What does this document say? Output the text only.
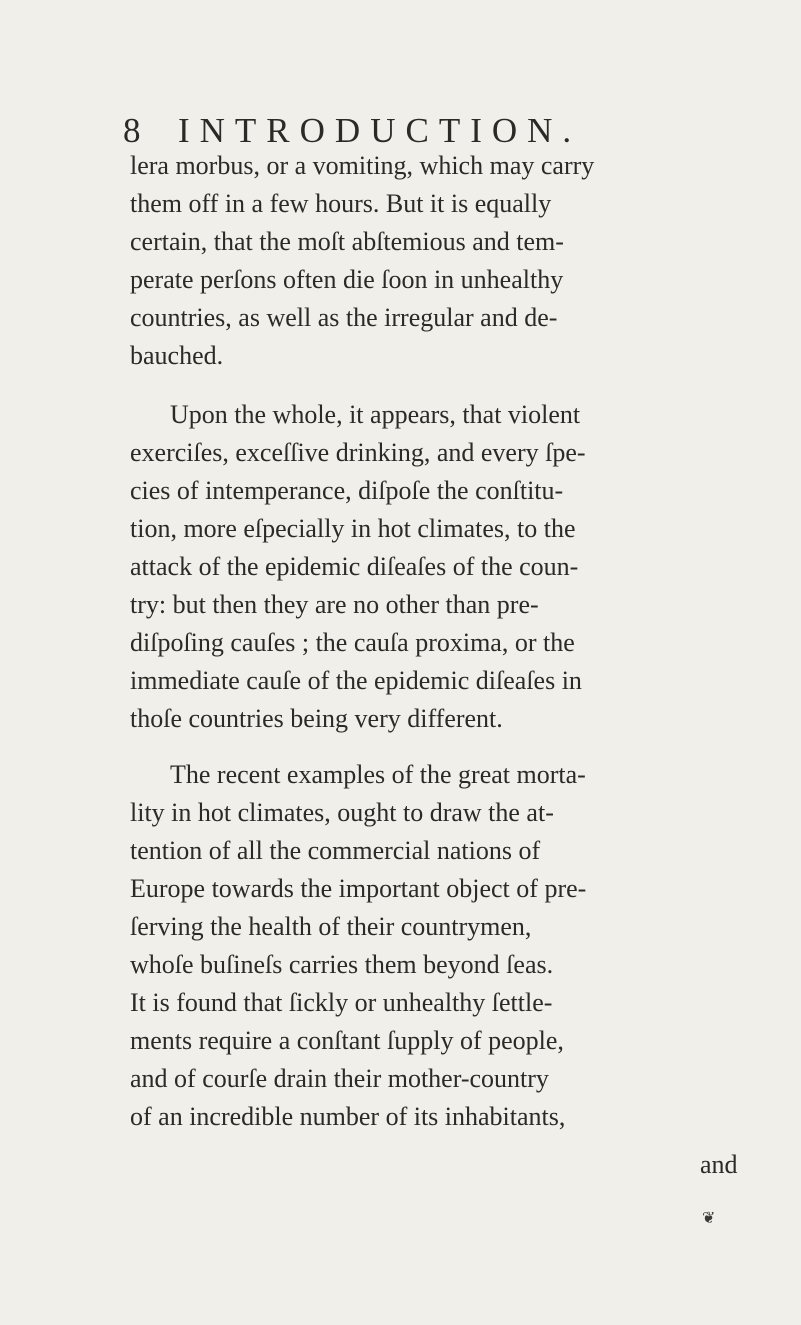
8 INTRODUCTION.
lera morbus, or a vomiting, which may carry
them off in a few hours. But it is equally
certain, that the moſt abſtemious and tem-
perate perſons often die ſoon in unhealthy
countries, as well as the irregular and de-
bauched.
Upon the whole, it appears, that violent
exerciſes, exceſſive drinking, and every ſpe-
cies of intemperance, diſpoſe the conſtitu-
tion, more eſpecially in hot climates, to the
attack of the epidemic diſeaſes of the coun-
try: but then they are no other than pre-
diſpoſing cauſes ; the cauſa proxima, or the
immediate cauſe of the epidemic diſeaſes in
thoſe countries being very different.
The recent examples of the great morta-
lity in hot climates, ought to draw the at-
tention of all the commercial nations of
Europe towards the important object of pre-
ſerving the health of their countrymen,
whoſe buſineſs carries them beyond ſeas.
It is found that ſickly or unhealthy ſettle-
ments require a conſtant ſupply of people,
and of courſe drain their mother-country
of an incredible number of its inhabitants,
and
❦
